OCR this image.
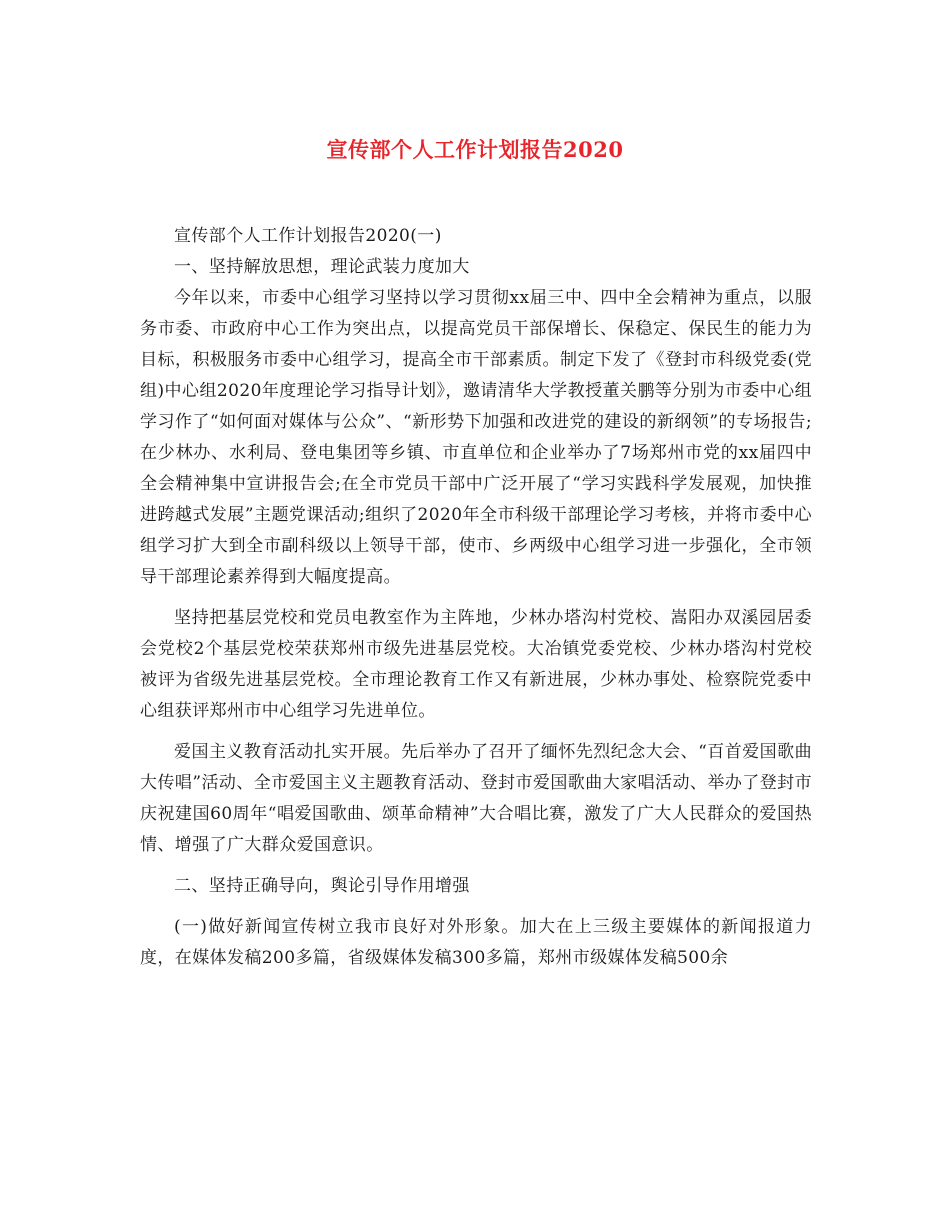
宣传部个人工作计划报告2020

宣传部个人工作计划报告2020(一)

一、坚持解放思想，理论武装力度加大

今年以来，市委中心组学习坚持以学习贯彻xx届三中、四中全会精神为重点，以服务市委、市政府中心工作为突出点，以提高党员干部保增长、保稳定、保民生的能力为目标，积极服务市委中心组学习，提高全市干部素质。制定下发了《登封市科级党委(党组)中心组2020年度理论学习指导计划》，邀请清华大学教授董关鹏等分别为市委中心组学习作了“如何面对媒体与公众”、“新形势下加强和改进党的建设的新纲领”的专场报告;在少林办、水利局、登电集团等乡镇、市直单位和企业举办了7场郑州市党的xx届四中全会精神集中宣讲报告会;在全市党员干部中广泛开展了“学习实践科学发展观，加快推进跨越式发展”主题党课活动;组织了2020年全市科级干部理论学习考核，并将市委中心组学习扩大到全市副科级以上领导干部，使市、乡两级中心组学习进一步强化，全市领导干部理论素养得到大幅度提高。

坚持把基层党校和党员电教室作为主阵地，少林办塔沟村党校、嵩阳办双溪园居委会党校2个基层党校荣获郑州市级先进基层党校。大冶镇党委党校、少林办塔沟村党校被评为省级先进基层党校。全市理论教育工作又有新进展，少林办事处、检察院党委中心组获评郑州市中心组学习先进单位。

爱国主义教育活动扎实开展。先后举办了召开了缅怀先烈纪念大会、“百首爱国歌曲大传唱”活动、全市爱国主义主题教育活动、登封市爱国歌曲大家唱活动、举办了登封市庆祝建国60周年“唱爱国歌曲、颂革命精神”大合唱比赛，激发了广大人民群众的爱国热情、增强了广大群众爱国意识。

二、坚持正确导向，舆论引导作用增强

(一)做好新闻宣传树立我市良好对外形象。加大在上三级主要媒体的新闻报道力度，在媒体发稿200多篇，省级媒体发稿300多篇，郑州市级媒体发稿500余
